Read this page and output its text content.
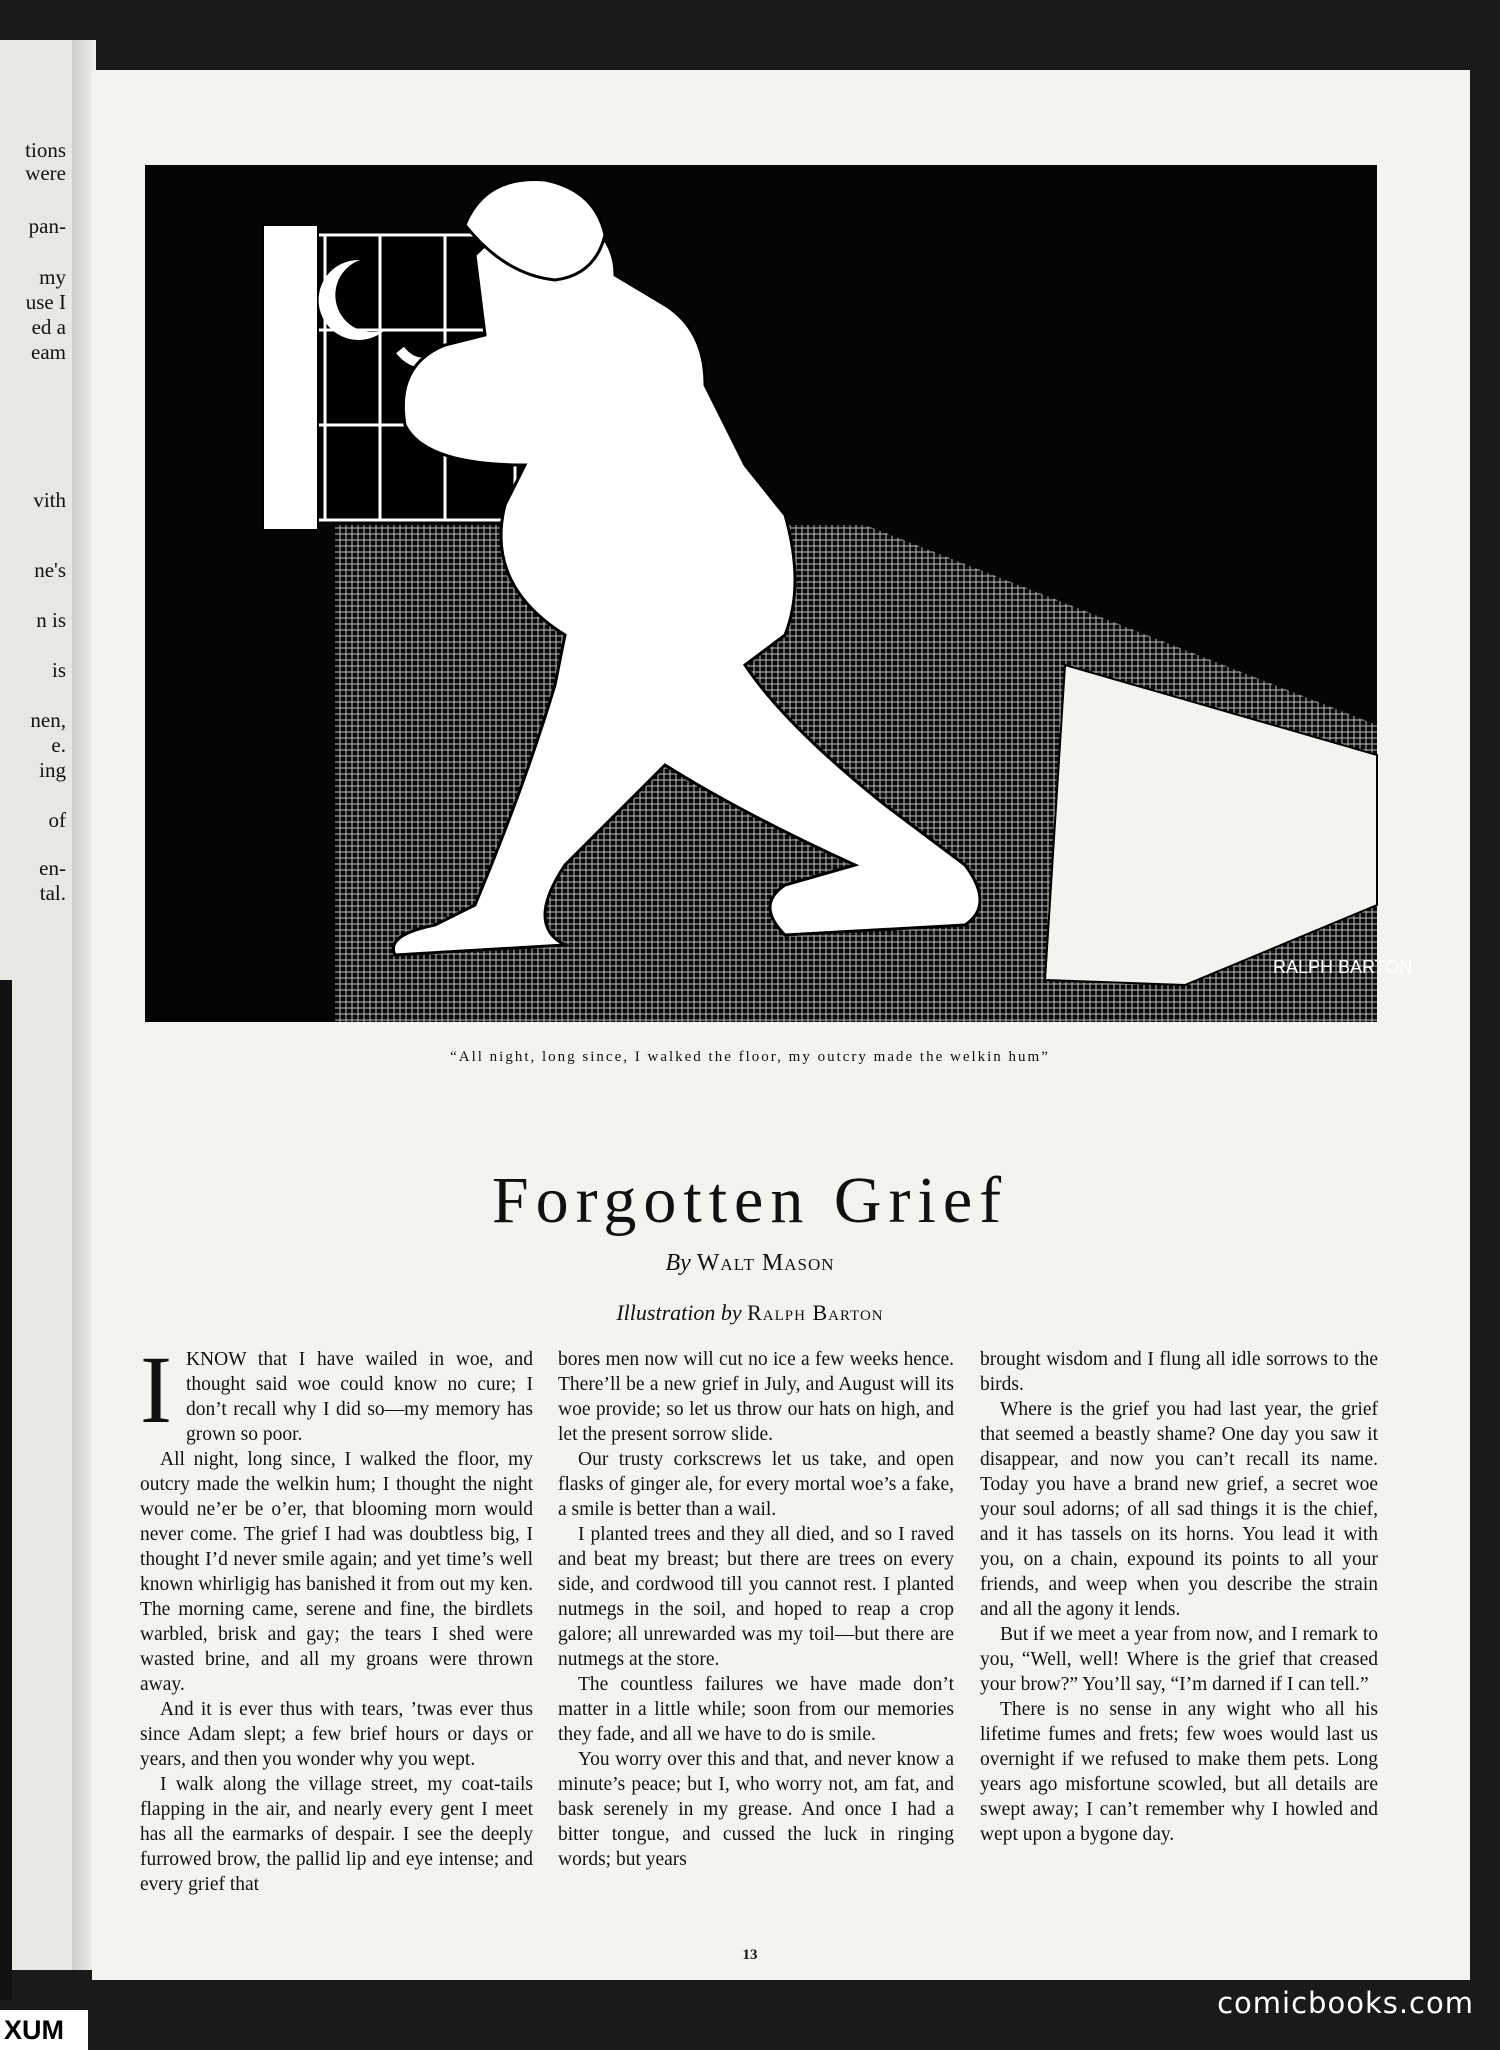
tions
were
pan-
my
use I
ed a
eam
vith
ne's
n is
is
nen,
e.
ing
of
en-
tal.
RALPH BARTON
“All night, long since, I walked the floor, my outcry made the welkin hum”
Forgotten Grief
By Walt Mason
Illustration by Ralph Barton

I KNOW that I have wailed in woe, and thought said woe could know no cure; I don’t recall why I did so—my memory has grown so poor.

All night, long since, I walked the floor, my outcry made the welkin hum; I thought the night would ne’er be o’er, that blooming morn would never come. The grief I had was doubtless big, I thought I’d never smile again; and yet time’s well known whirligig has banished it from out my ken. The morning came, serene and fine, the birdlets warbled, brisk and gay; the tears I shed were wasted brine, and all my groans were thrown away.

And it is ever thus with tears, ’twas ever thus since Adam slept; a few brief hours or days or years, and then you wonder why you wept.

I walk along the village street, my coat-tails flapping in the air, and nearly every gent I meet has all the earmarks of despair. I see the deeply furrowed brow, the pallid lip and eye intense; and every grief that

bores men now will cut no ice a few weeks hence. There’ll be a new grief in July, and August will its woe provide; so let us throw our hats on high, and let the present sorrow slide.

Our trusty corkscrews let us take, and open flasks of ginger ale, for every mortal woe’s a fake, a smile is better than a wail.

I planted trees and they all died, and so I raved and beat my breast; but there are trees on every side, and cordwood till you cannot rest. I planted nutmegs in the soil, and hoped to reap a crop galore; all unrewarded was my toil—but there are nutmegs at the store.

The countless failures we have made don’t matter in a little while; soon from our memories they fade, and all we have to do is smile.

You worry over this and that, and never know a minute’s peace; but I, who worry not, am fat, and bask serenely in my grease. And once I had a bitter tongue, and cussed the luck in ringing words; but years

brought wisdom and I flung all idle sorrows to the birds.

Where is the grief you had last year, the grief that seemed a beastly shame? One day you saw it disappear, and now you can’t recall its name. Today you have a brand new grief, a secret woe your soul adorns; of all sad things it is the chief, and it has tassels on its horns. You lead it with you, on a chain, expound its points to all your friends, and weep when you describe the strain and all the agony it lends.

But if we meet a year from now, and I remark to you, “Well, well! Where is the grief that creased your brow?” You’ll say, “I’m darned if I can tell.”

There is no sense in any wight who all his lifetime fumes and frets; few woes would last us overnight if we refused to make them pets. Long years ago misfortune scowled, but all details are swept away; I can’t remember why I howled and wept upon a bygone day.

13
comicbooks.com
XUM
